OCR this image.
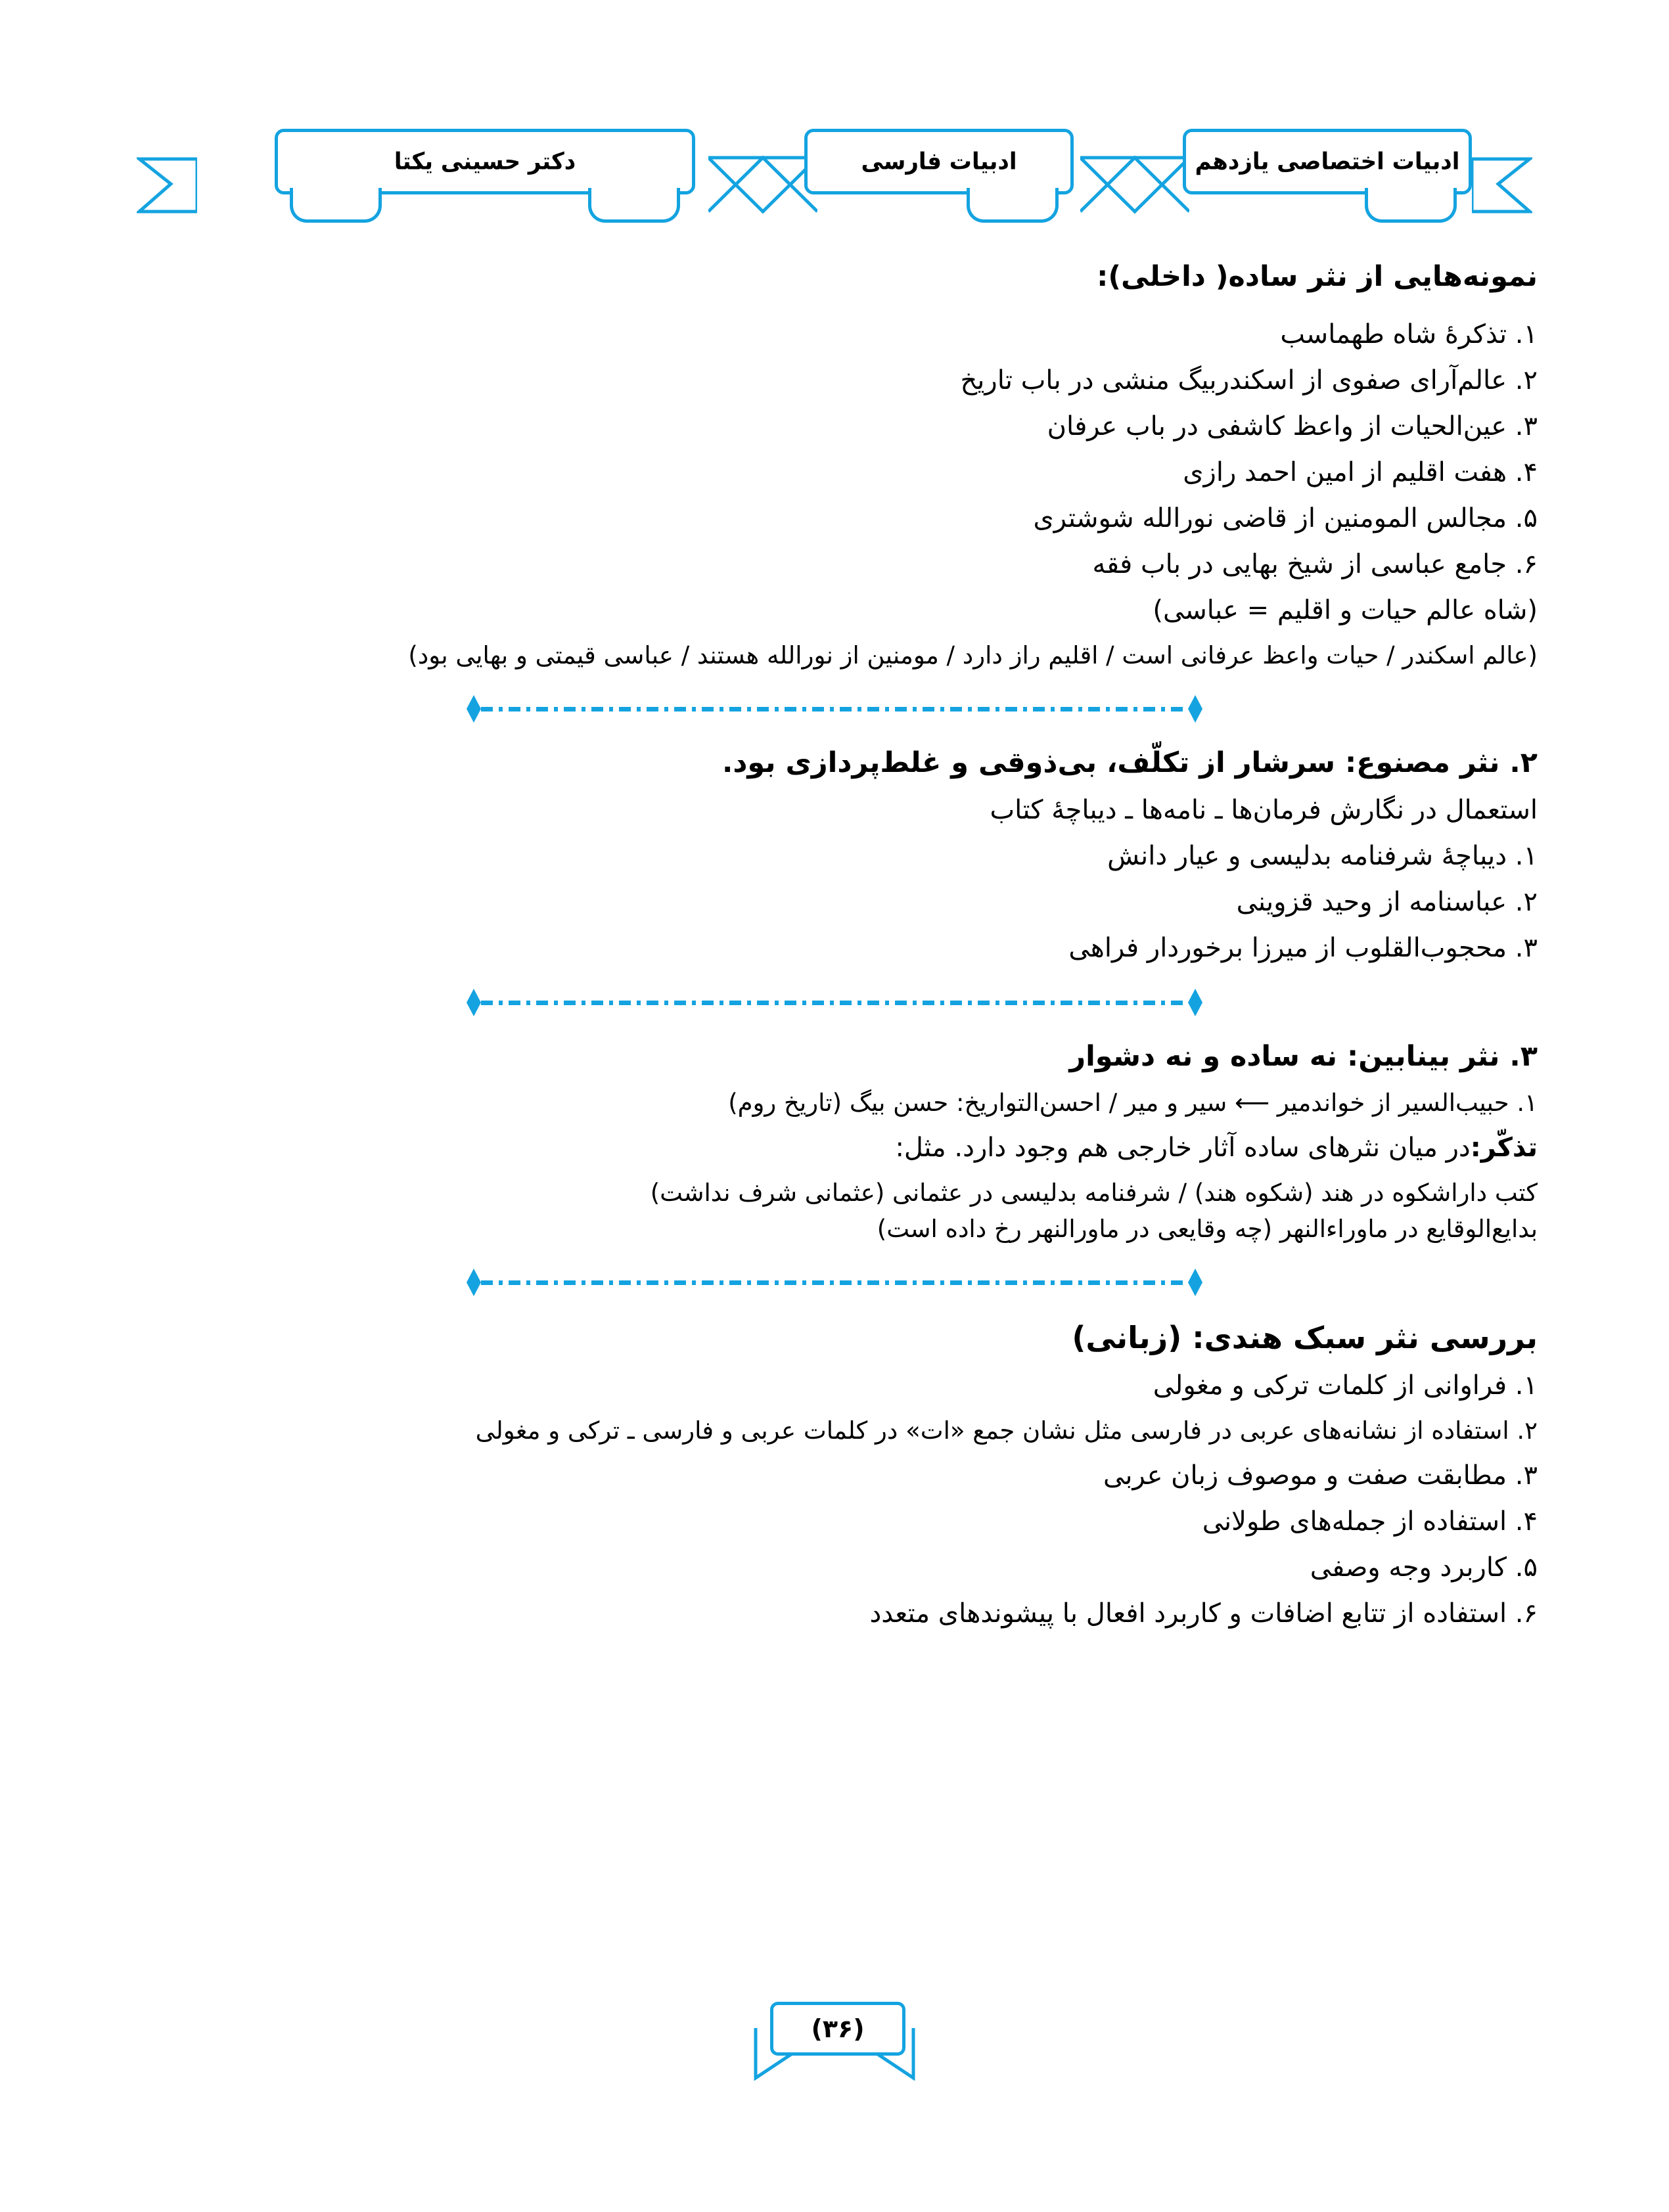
ادبیات اختصاصی یازدهم
ادبیات فارسی
دکتر حسینی یکتا
نمونه‌هایی از نثر ساده( داخلی):
۱. تذکرۀ شاه طهماسب
۲. عالم‌آرای صفوی از اسکندربیگ منشی در باب تاریخ
۳. عین‌الحیات از واعظ کاشفی در باب عرفان
۴. هفت اقلیم از امین احمد رازی
۵. مجالس المومنین از قاضی نورالله شوشتری
۶. جامع عباسی از شیخ بهایی در باب فقه
(شاه عالم حیات و اقلیم = عباسی)
(عالم اسکندر / حیات واعظ عرفانی است / اقلیم راز دارد / مومنین از نورالله هستند / عباسی قیمتی و بهایی بود)
۲. نثر مصنوع: سرشار از تکلّف، بی‌ذوقی و غلط‌پردازی بود.
استعمال در نگارش فرمان‌ها ـ نامه‌ها ـ دیباچۀ کتاب
۱. دیباچۀ شرفنامه بدلیسی و عیار دانش
۲. عباسنامه از وحید قزوینی
۳. محجوب‌القلوب از میرزا برخوردار فراهی
۳. نثر بینابین: نه ساده و نه دشوار
۱. حبیب‌السیر از خواندمیر ⟵ سیر و میر / احسن‌التواریخ: حسن بیگ (تاریخ روم)
تذکّر:در میان نثرهای ساده آثار خارجی هم وجود دارد. مثل:
کتب داراشکوه در هند (شکوه هند) / شرفنامه بدلیسی در عثمانی (عثمانی شرف نداشت)
بدایع‌الوقایع در ماوراءالنهر (چه وقایعی در ماورالنهر رخ داده است)
بررسی نثر سبک هندی: (زبانی)
۱. فراوانی از کلمات ترکی و مغولی
۲. استفاده از نشانه‌های عربی در فارسی مثل نشان جمع «ات» در کلمات عربی و فارسی ـ ترکی و مغولی
۳. مطابقت صفت و موصوف زبان عربی
۴. استفاده از جمله‌های طولانی
۵. کاربرد وجه وصفی
۶. استفاده از تتابع اضافات و کاربرد افعال با پیشوندهای متعدد
(۳۶)
